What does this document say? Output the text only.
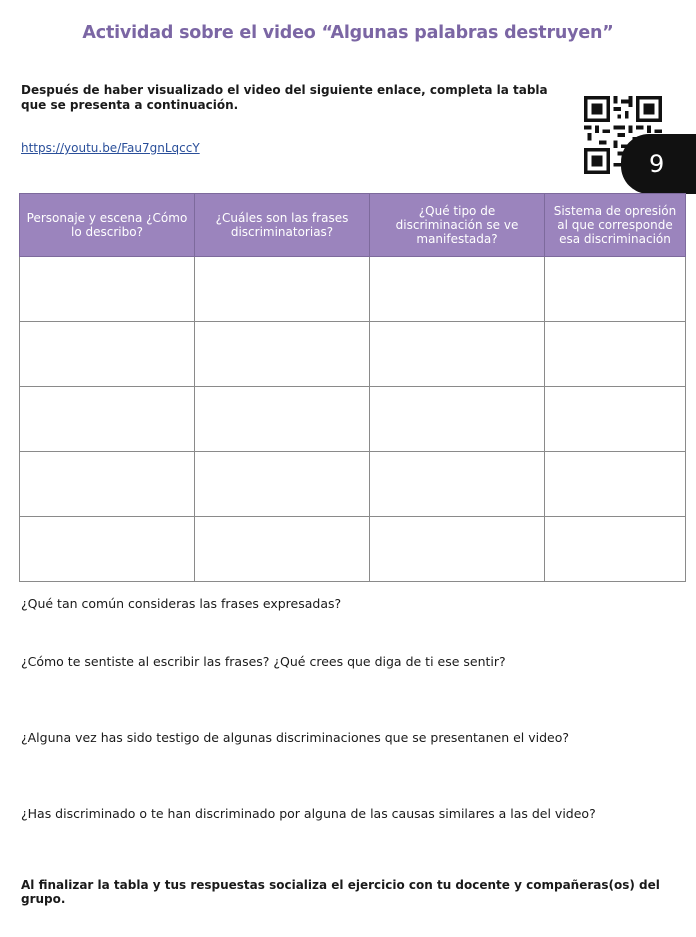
Actividad sobre el video “Algunas palabras destruyen”
Después de haber visualizado el video del siguiente enlace, completa la tabla que se presenta a continuación.
https://youtu.be/Fau7gnLqccY
9
Personaje y escena ¿Cómo lo describo?	¿Cuáles son las frases discriminatorias?	¿Qué tipo de discriminación se ve manifestada?	Sistema de opresión al que corresponde esa discriminación

¿Qué tan común consideras las frases expresadas?
¿Cómo te sentiste al escribir las frases? ¿Qué crees que diga de ti ese sentir?
¿Alguna vez has sido testigo de algunas discriminaciones que se presentanen el video?
¿Has discriminado o te han discriminado por alguna de las causas similares a las del video?
Al finalizar la tabla y tus respuestas socializa el ejercicio con tu docente y compañeras(os) del grupo.
